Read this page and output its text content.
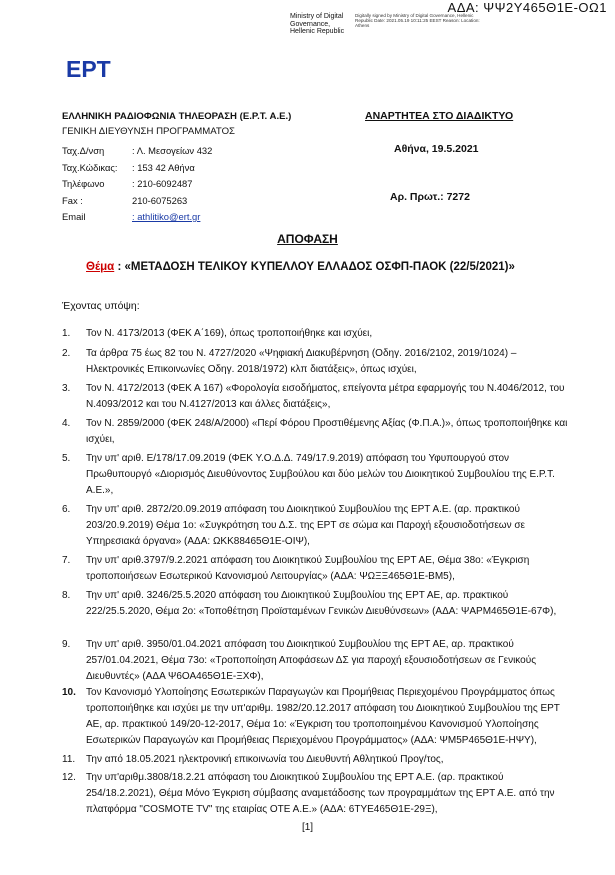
ΑΔΑ: ΨΨ2Υ465Θ1Ε-ΟΩ1
Ministry of Digital Governance, Hellenic Republic
Digitally signed by Ministry of Digital Governance, Hellenic Republic Date: 2021.05.19 10:11:25 EEST Reason: Location: Athens
ΕΡΤ
ΕΛΛΗΝΙΚΗ ΡΑΔΙΟΦΩΝΙΑ ΤΗΛΕΟΡΑΣΗ (Ε.Ρ.Τ. Α.Ε.)
ΓΕΝΙΚΗ ΔΙΕΥΘΥΝΣΗ ΠΡΟΓΡΑΜΜΑΤΟΣ
ΑΝΑΡΤΗΤΕΑ ΣΤΟ ΔΙΑΔΙΚΤΥΟ
Ταχ.Δ/νση	: Λ. Μεσογείων 432
Ταχ.Κώδικας:	: 153 42 Αθήνα
Τηλέφωνο	: 210-6092487
Fax :	210-6075263
Email	: athlitiko@ert.gr
Αθήνα, 19.5.2021
Αρ. Πρωτ.: 7272
ΑΠΟΦΑΣΗ
Θέμα : «ΜΕΤΑΔΟΣΗ ΤΕΛΙΚΟΥ ΚΥΠΕΛΛΟΥ ΕΛΛΑΔΟΣ ΟΣΦΠ-ΠΑΟΚ (22/5/2021)»
Έχοντας υπόψη:
1.	Τον Ν. 4173/2013 (ΦΕΚ Α΄169), όπως τροποποιήθηκε και ισχύει,
2.	Τα άρθρα 75 έως 82 του Ν. 4727/2020 «Ψηφιακή Διακυβέρνηση (Οδηγ. 2016/2102, 2019/1024) – Ηλεκτρονικές Επικοινωνίες Οδηγ. 2018/1972) κλπ διατάξεις», όπως ισχύει,
3.	Τον Ν. 4172/2013 (ΦΕΚ Α 167) «Φορολογία εισοδήματος, επείγοντα μέτρα εφαρμογής του Ν.4046/2012, του Ν.4093/2012 και του Ν.4127/2013 και άλλες διατάξεις»,
4.	Τον Ν. 2859/2000 (ΦΕΚ 248/Α/2000) «Περί Φόρου Προστιθέμενης Αξίας (Φ.Π.Α.)», όπως τροποποιήθηκε και ισχύει,
5.	Την υπ' αριθ. Ε/178/17.09.2019 (ΦΕΚ Υ.Ο.Δ.Δ. 749/17.9.2019) απόφαση του Υφυπουργού στον Πρωθυπουργό «Διορισμός Διευθύνοντος Συμβούλου και δύο μελών του Διοικητικού Συμβουλίου της Ε.Ρ.Τ. Α.Ε.»,
6.	Την υπ' αριθ. 2872/20.09.2019 απόφαση του Διοικητικού Συμβουλίου της ΕΡΤ Α.Ε. (αρ. πρακτικού 203/20.9.2019) Θέμα 1ο: «Συγκρότηση του Δ.Σ. της ΕΡΤ σε σώμα και Παροχή εξουσιοδοτήσεων σε Υπηρεσιακά όργανα» (ΑΔΑ: ΩΚΚ88465Θ1Ε-ΟΙΨ),
7.	Την υπ' αριθ.3797/9.2.2021 απόφαση του Διοικητικού Συμβουλίου της ΕΡΤ ΑΕ, Θέμα 38ο: «Έγκριση τροποποιήσεων Εσωτερικού Κανονισμού Λειτουργίας» (ΑΔΑ: ΨΩΞΞ465Θ1Ε-ΒΜ5),
8.	Την υπ' αριθ. 3246/25.5.2020 απόφαση του Διοικητικού Συμβουλίου της ΕΡΤ ΑΕ, αρ. πρακτικού 222/25.5.2020, Θέμα 2ο: «Τοποθέτηση Προϊσταμένων Γενικών Διευθύνσεων» (ΑΔΑ: ΨΑΡΜ465Θ1Ε-67Φ),
9.	Την υπ' αριθ. 3950/01.04.2021 απόφαση του Διοικητικού Συμβουλίου της ΕΡΤ ΑΕ, αρ. πρακτικού 257/01.04.2021, Θέμα 73ο: «Τροποποίηση Αποφάσεων ΔΣ για παροχή εξουσιοδοτήσεων σε Γενικούς Διευθυντές» (ΑΔΑ Ψ6ΟΑ465Θ1Ε-ΞΧΦ),
10.	Τον Κανονισμό Υλοποίησης Εσωτερικών Παραγωγών και Προμήθειας Περιεχομένου Προγράμματος όπως τροποποιήθηκε και ισχύει με την υπ'αριθμ. 1982/20.12.2017 απόφαση του Διοικητικού Συμβουλίου της ΕΡΤ ΑΕ, αρ. πρακτικού 149/20-12-2017, Θέμα 1ο: «Έγκριση του τροποποιημένου Κανονισμού Υλοποίησης Εσωτερικών Παραγωγών και Προμήθειας Περιεχομένου Προγράμματος» (ΑΔΑ: ΨΜ5Ρ465Θ1Ε-ΗΨΥ),
11.	Την από 18.05.2021 ηλεκτρονική επικοινωνία του Διευθυντή Αθλητικού Προγ/τος,
12.	Την υπ'αριθμ.3808/18.2.21 απόφαση του Διοικητικού Συμβουλίου της ΕΡΤ Α.Ε. (αρ. πρακτικού 254/18.2.2021), Θέμα Μόνο Έγκριση σύμβασης αναμετάδοσης των προγραμμάτων της ΕΡΤ Α.Ε. από την πλατφόρμα "COSMOTE TV" της εταιρίας ΟΤΕ Α.Ε.» (ΑΔΑ: 6ΤΥΕ465Θ1Ε-29Ξ),
[1]
